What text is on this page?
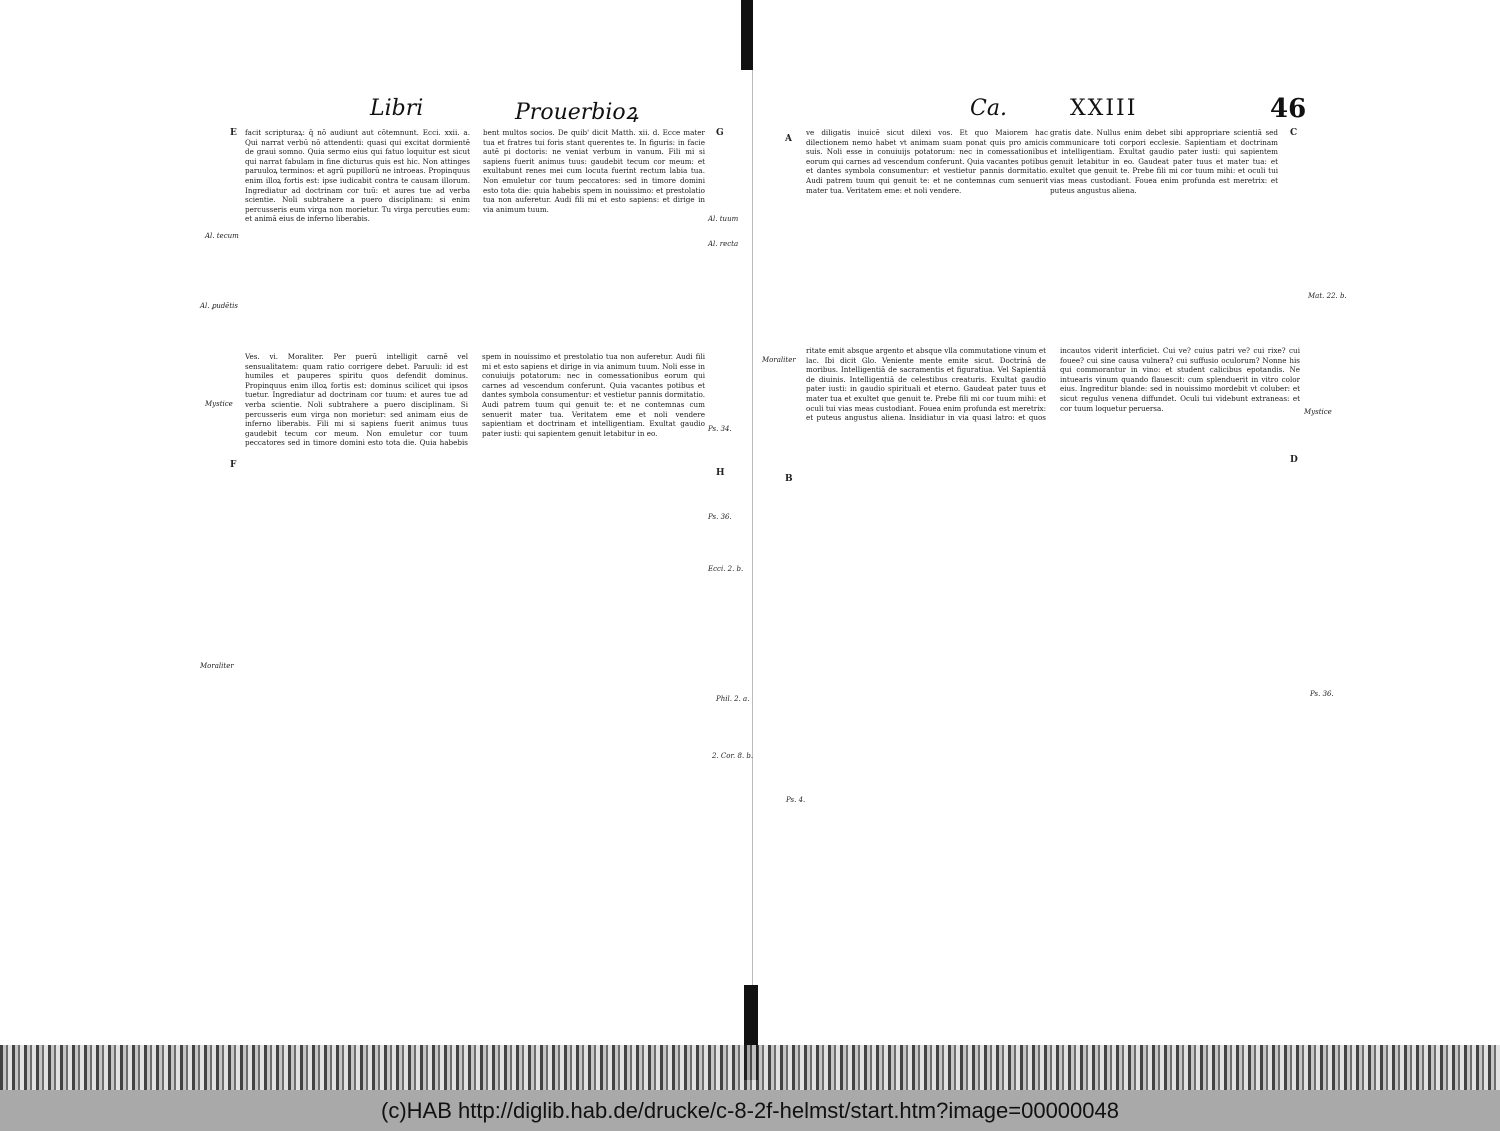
Libri	Prouerbioꝝ	Ca.	XXIII	46

facit scripturaꝝ: q̄ nō audiunt aut cōtemnunt. Ecci. xxii. a. Qui narrat verbū nō attendenti: quasi qui excitat dormientē de graui somno. Quia sermo eius qui fatuo loquitur est sicut qui narrat fabulam in fine dicturus quis est hic. Non attinges paruuloꝝ terminos: et agrū pupillorū ne introeas. Propinquus enim illoꝝ fortis est: ipse iudicabit contra te causam illorum. Ingrediatur ad doctrinam cor tuū: et aures tue ad verba scientie. Noli subtrahere a puero disciplinam: si enim percusseris eum virga non morietur. Tu virga percuties eum: et animā eius de inferno liberabis.

bent multos socios. De quib' dicit Matth. xii. d. Ecce mater tua et fratres tui foris stant querentes te. In figuris: in facie autē pi doctoris: ne veniat verbum in vanum. Fili mi si sapiens fuerit animus tuus: gaudebit tecum cor meum: et exultabunt renes mei cum locuta fuerint rectum labia tua. Non emuletur cor tuum peccatores: sed in timore domini esto tota die: quia habebis spem in nouissimo: et prestolatio tua non auferetur. Audi fili mi et esto sapiens: et dirige in via animum tuum.

Ves. vi. Moraliter. Per puerū intelligit carnē vel sensualitatem: quam ratio corrigere debet. Paruuli: id est humiles et pauperes spiritu quos defendit dominus. Propinquus enim illoꝝ fortis est: dominus scilicet qui ipsos tuetur. Ingrediatur ad doctrinam cor tuum: et aures tue ad verba scientie. Noli subtrahere a puero disciplinam. Si percusseris eum virga non morietur: sed animam eius de inferno liberabis. Fili mi si sapiens fuerit animus tuus gaudebit tecum cor meum. Non emuletur cor tuum peccatores sed in timore domini esto tota die. Quia habebis spem in nouissimo et prestolatio tua non auferetur. Audi fili mi et esto sapiens et dirige in via animum tuum. Noli esse in conuiuijs potatorum: nec in comessationibus eorum qui carnes ad vescendum conferunt. Quia vacantes potibus et dantes symbola consumentur: et vestietur pannis dormitatio. Audi patrem tuum qui genuit te: et ne contemnas cum senuerit mater tua. Veritatem eme et noli vendere sapientiam et doctrinam et intelligentiam. Exultat gaudio pater iusti: qui sapientem genuit letabitur in eo.

ve diligatis inuicē sicut dilexi vos. Et quo Maiorem hac dilectionem nemo habet vt animam suam ponat quis pro amicis suis. Noli esse in conuiuijs potatorum: nec in comessationibus eorum qui carnes ad vescendum conferunt. Quia vacantes potibus et dantes symbola consumentur: et vestietur pannis dormitatio. Audi patrem tuum qui genuit te: et ne contemnas cum senuerit mater tua. Veritatem eme: et noli vendere.

gratis date. Nullus enim debet sibi appropriare scientiā sed communicare toti corpori ecclesie. Sapientiam et doctrinam et intelligentiam. Exultat gaudio pater iusti: qui sapientem genuit letabitur in eo. Gaudeat pater tuus et mater tua: et exultet que genuit te. Prebe fili mi cor tuum mihi: et oculi tui vias meas custodiant. Fouea enim profunda est meretrix: et puteus angustus aliena.

ritate emit absque argento et absque vlla commutatione vinum et lac. Ibi dicit Glo. Veniente mente emite sicut. Doctrinā de moribus. Intelligentiā de sacramentis et figuratiua. Vel Sapientiā de diuinis. Intelligentiā de celestibus creaturis. Exultat gaudio pater iusti: in gaudio spirituali et eterno. Gaudeat pater tuus et mater tua et exultet que genuit te. Prebe fili mi cor tuum mihi: et oculi tui vias meas custodiant. Fouea enim profunda est meretrix: et puteus angustus aliena. Insidiatur in via quasi latro: et quos incautos viderit interficiet. Cui ve? cuius patri ve? cui rixe? cui fouee? cui sine causa vulnera? cui suffusio oculorum? Nonne his qui commorantur in vino: et student calicibus epotandis. Ne intuearis vinum quando flauescit: cum splenduerit in vitro color eius. Ingreditur blande: sed in nouissimo mordebit vt coluber: et sicut regulus venena diffundet. Oculi tui videbunt extraneas: et cor tuum loquetur peruersa.

Al. tecum
Al. ꝑudētis
Al. tuum
Al. recta
Moraliter
Mystice
Moraliter
Mystice
Ps. 34.
Ps. 36.
Ecci. 2. b.
Phil. 2. a.
2. Cor. 8. b.
Ps. 4.
Ps. 36.
Mat. 22. b.
E
F
G
H
A
B
C
D
(c)HAB http://diglib.hab.de/drucke/c-8-2f-helmst/start.htm?image=00000048
